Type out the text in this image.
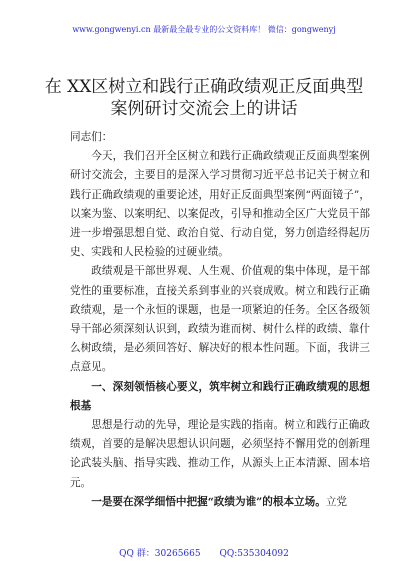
www.gongwenyi.cn 最新最全最专业的公文资料库！ 微信：gongwenyj
在 XX区树立和践行正确政绩观正反面典型
案例研讨交流会上的讲话

同志们：

今天，我们召开全区树立和践行正确政绩观正反面典型案例研讨交流会，主要目的是深入学习贯彻习近平总书记关于树立和践行正确政绩观的重要论述，用好正反面典型案例“两面镜子”，以案为鉴、以案明纪、以案促改，引导和推动全区广大党员干部进一步增强思想自觉、政治自觉、行动自觉，努力创造经得起历史、实践和人民检验的过硬业绩。

政绩观是干部世界观、人生观、价值观的集中体现，是干部党性的重要标准，直接关系到事业的兴衰成败。树立和践行正确政绩观，是一个永恒的课题，也是一项紧迫的任务。全区各级领导干部必须深刻认识到，政绩为谁而树、树什么样的政绩、靠什么树政绩，是必须回答好、解决好的根本性问题。下面，我讲三点意见。

一、深刻领悟核心要义，筑牢树立和践行正确政绩观的思想根基

思想是行动的先导，理论是实践的指南。树立和践行正确政绩观，首要的是解决思想认识问题，必须坚持不懈用党的创新理论武装头脑、指导实践、推动工作，从源头上正本清源、固本培元。

一是要在深学细悟中把握“政绩为谁”的根本立场。立党

QQ 群：30265665 QQ:535304092
